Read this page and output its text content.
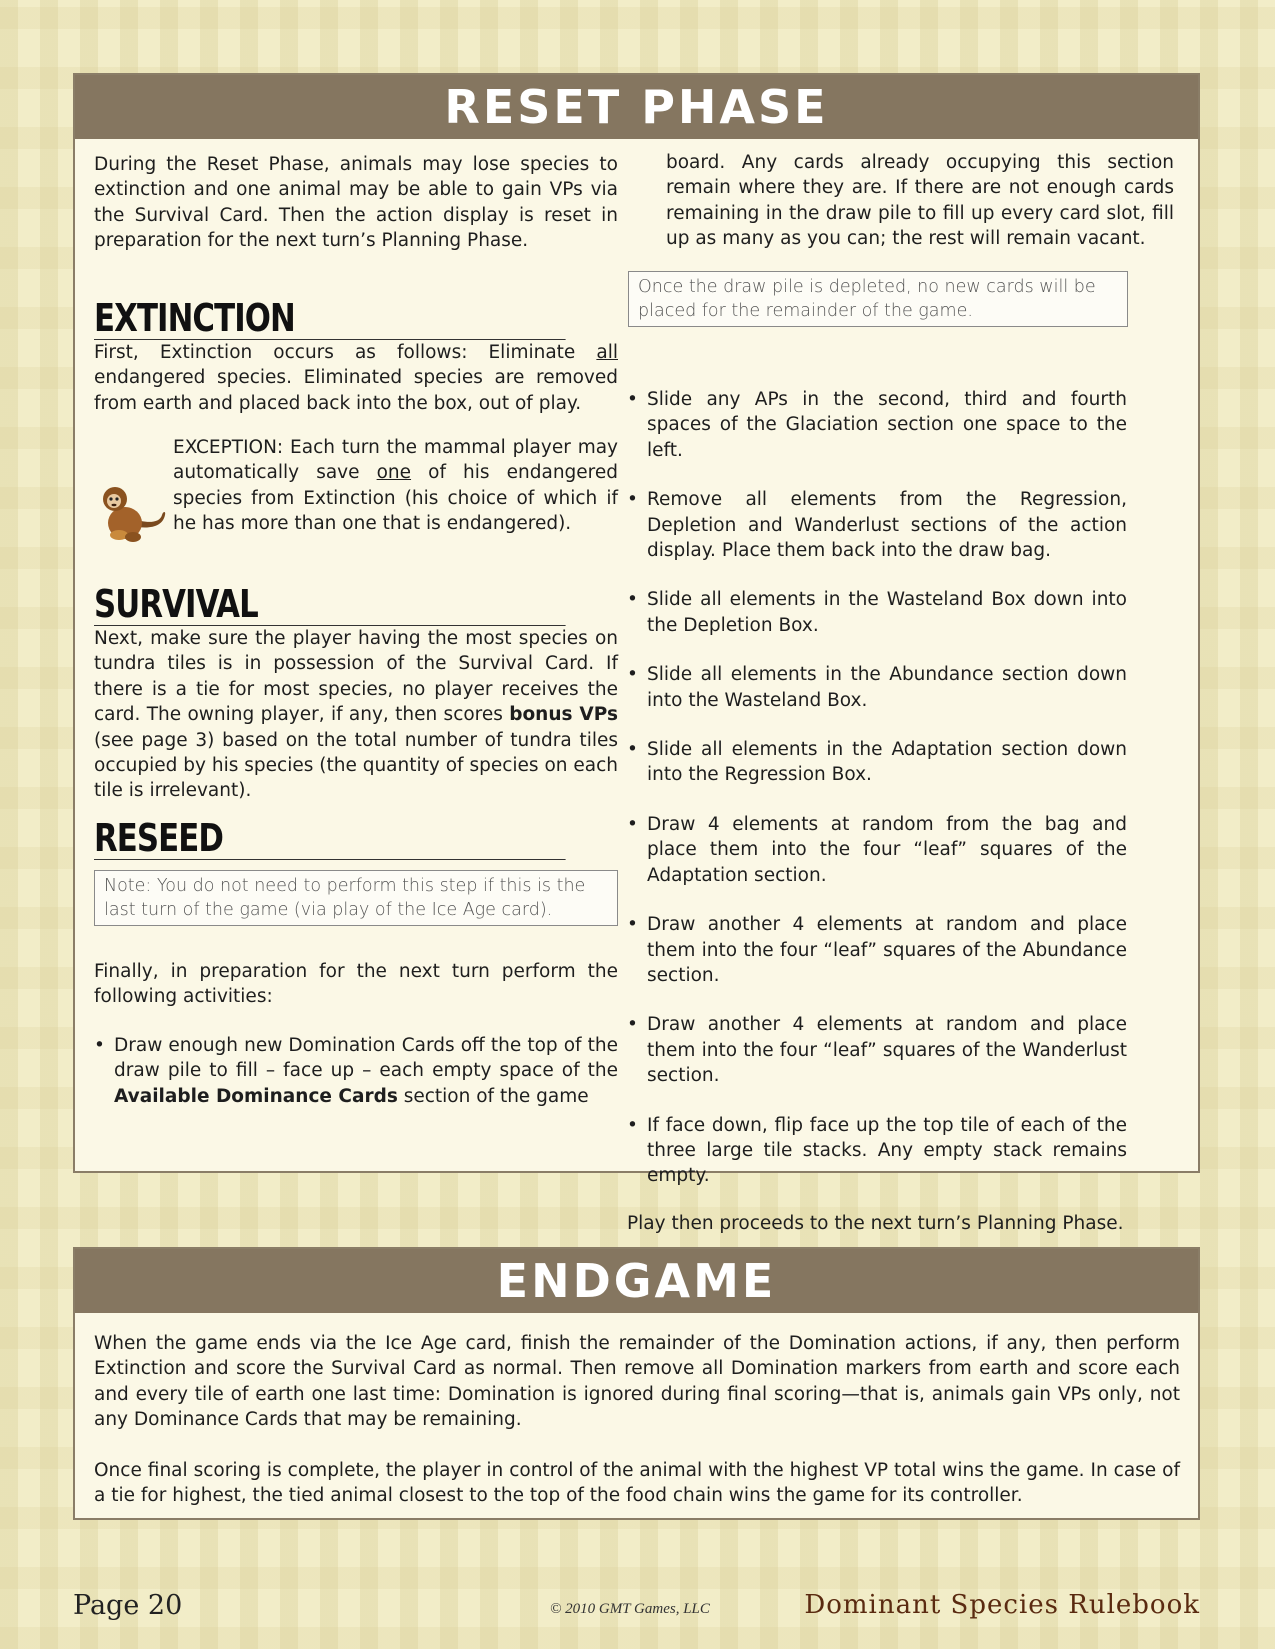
RESET PHASE

During the Reset Phase, animals may lose species to extinction and one animal may be able to gain VPs via the Survival Card. Then the action display is reset in preparation for the next turn’s Planning Phase.

EXTINCTION

First, Extinction occurs as follows: Eliminate all endangered species. Eliminated species are removed from earth and placed back into the box, out of play.

EXCEPTION: Each turn the mammal player may automatically save one of his endangered species from Extinction (his choice of which if he has more than one that is endangered).

SURVIVAL

Next, make sure the player having the most species on tundra tiles is in possession of the Survival Card. If there is a tie for most species, no player receives the card. The owning player, if any, then scores bonus VPs (see page 3) based on the total number of tundra tiles occupied by his species (the quantity of species on each tile is irrelevant).

RESEED
Note: You do not need to perform this step if this is the last turn of the game (via play of the Ice Age card).

Finally, in preparation for the next turn perform the following activities:

• Draw enough new Domination Cards off the top of the draw pile to fill – face up – each empty space of the Available Dominance Cards section of the game

board. Any cards already occupying this section remain where they are. If there are not enough cards remaining in the draw pile to fill up every card slot, fill up as many as you can; the rest will remain vacant.

Once the draw pile is depleted, no new cards will be placed for the remainder of the game.
• Slide any APs in the second, third and fourth spaces of the Glaciation section one space to the left.
• Remove all elements from the Regression, Depletion and Wanderlust sections of the action display. Place them back into the draw bag.
• Slide all elements in the Wasteland Box down into the Depletion Box.
• Slide all elements in the Abundance section down into the Wasteland Box.
• Slide all elements in the Adaptation section down into the Regression Box.
• Draw 4 elements at random from the bag and place them into the four “leaf” squares of the Adaptation section.
• Draw another 4 elements at random and place them into the four “leaf” squares of the Abundance section.
• Draw another 4 elements at random and place them into the four “leaf” squares of the Wanderlust section.
• If face down, flip face up the top tile of each of the three large tile stacks. Any empty stack remains empty.

Play then proceeds to the next turn’s Planning Phase.

ENDGAME

When the game ends via the Ice Age card, finish the remainder of the Domination actions, if any, then perform Extinction and score the Survival Card as normal. Then remove all Domination markers from earth and score each and every tile of earth one last time: Domination is ignored during final scoring—that is, animals gain VPs only, not any Dominance Cards that may be remaining.

Once final scoring is complete, the player in control of the animal with the highest VP total wins the game. In case of a tie for highest, the tied animal closest to the top of the food chain wins the game for its controller.

Page 20	© 2010 GMT Games, LLC	Dominant Species Rulebook
